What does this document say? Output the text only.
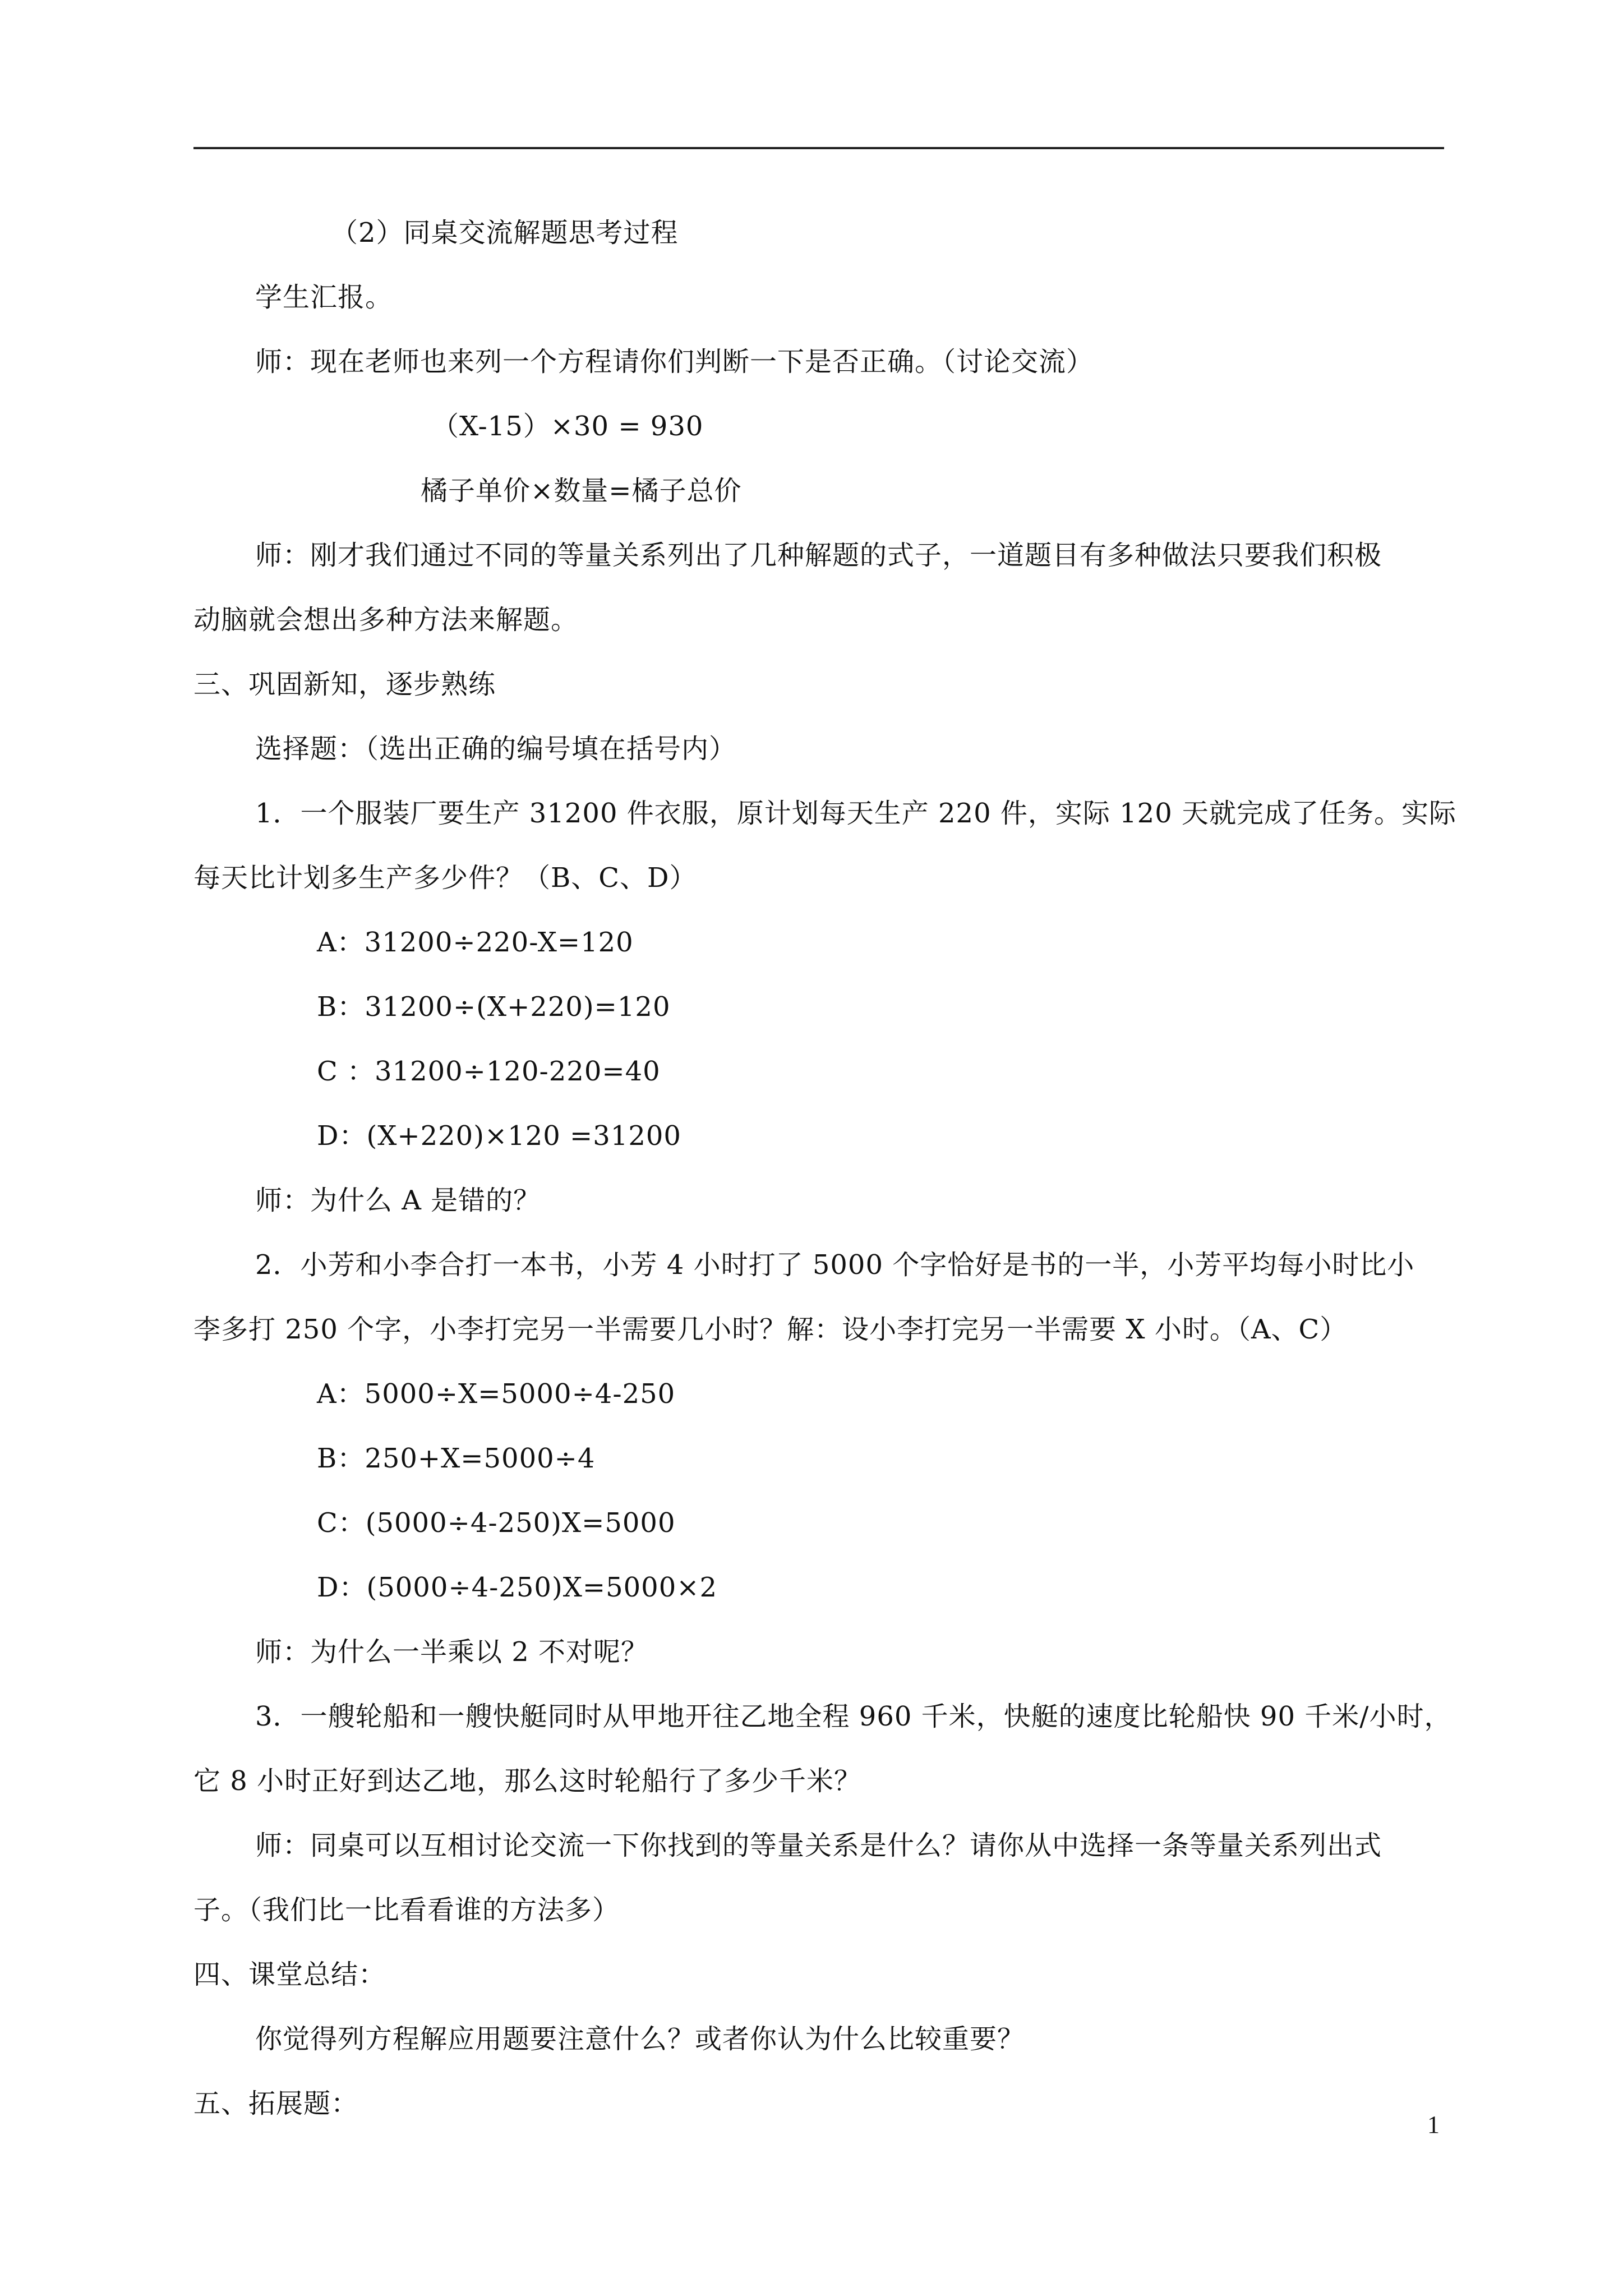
（2）同桌交流解题思考过程
学生汇报。
师：现在老师也来列一个方程请你们判断一下是否正确。（讨论交流）
（X-15）×30 = 930
橘子单价×数量=橘子总价
师：刚才我们通过不同的等量关系列出了几种解题的式子，一道题目有多种做法只要我们积极
动脑就会想出多种方法来解题。
三、巩固新知，逐步熟练
选择题：（选出正确的编号填在括号内）
1．一个服装厂要生产 31200 件衣服，原计划每天生产 220 件，实际 120 天就完成了任务。实际
每天比计划多生产多少件？（B、C、D）
A：31200÷220-X=120
B：31200÷(X+220)=120
C ：31200÷120-220=40
D：(X+220)×120 =31200
师：为什么 A 是错的？
2．小芳和小李合打一本书，小芳 4 小时打了 5000 个字恰好是书的一半，小芳平均每小时比小
李多打 250 个字，小李打完另一半需要几小时？解：设小李打完另一半需要 X 小时。（A、C）
A：5000÷X=5000÷4-250
B：250+X=5000÷4
C：(5000÷4-250)X=5000
D：(5000÷4-250)X=5000×2
师：为什么一半乘以 2 不对呢？
3．一艘轮船和一艘快艇同时从甲地开往乙地全程 960 千米，快艇的速度比轮船快 90 千米/小时，
它 8 小时正好到达乙地，那么这时轮船行了多少千米？
师：同桌可以互相讨论交流一下你找到的等量关系是什么？请你从中选择一条等量关系列出式
子。（我们比一比看看谁的方法多）
四、课堂总结：
你觉得列方程解应用题要注意什么？或者你认为什么比较重要？
五、拓展题：
1
